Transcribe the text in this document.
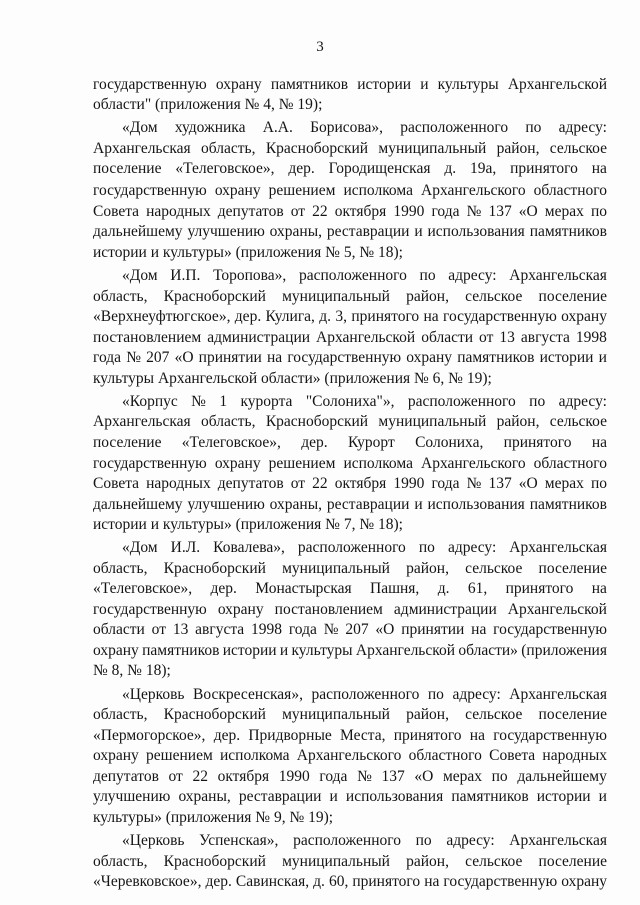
3
государственную охрану памятников истории и культуры Архангельской
области" (приложения № 4, № 19);
«Дом художника А.А. Борисова», расположенного по адресу:
Архангельская область, Красноборский муниципальный район, сельское
поселение «Телеговское», дер. Городищенская д. 19а, принятого на
государственную охрану решением исполкома Архангельского областного
Совета народных депутатов от 22 октября 1990 года № 137 «О мерах по
дальнейшему улучшению охраны, реставрации и использования памятников
истории и культуры» (приложения № 5, № 18);
«Дом И.П. Торопова», расположенного по адресу: Архангельская
область, Красноборский муниципальный район, сельское поселение
«Верхнеуфтюгское», дер. Кулига, д. 3, принятого на государственную охрану
постановлением администрации Архангельской области от 13 августа 1998
года № 207 «О принятии на государственную охрану памятников истории и
культуры Архангельской области» (приложения № 6, № 19);
«Корпус № 1 курорта "Солониха"», расположенного по адресу:
Архангельская область, Красноборский муниципальный район, сельское
поселение «Телеговское», дер. Курорт Солониха, принятого на
государственную охрану решением исполкома Архангельского областного
Совета народных депутатов от 22 октября 1990 года № 137 «О мерах по
дальнейшему улучшению охраны, реставрации и использования памятников
истории и культуры» (приложения № 7, № 18);
«Дом И.Л. Ковалева», расположенного по адресу: Архангельская
область, Красноборский муниципальный район, сельское поселение
«Телеговское», дер. Монастырская Пашня, д. 61, принятого на
государственную охрану постановлением администрации Архангельской
области от 13 августа 1998 года № 207 «О принятии на государственную
охрану памятников истории и культуры Архангельской области» (приложения
№ 8, № 18);
«Церковь Воскресенская», расположенного по адресу: Архангельская
область, Красноборский муниципальный район, сельское поселение
«Пермогорское», дер. Придворные Места, принятого на государственную
охрану решением исполкома Архангельского областного Совета народных
депутатов от 22 октября 1990 года № 137 «О мерах по дальнейшему
улучшению охраны, реставрации и использования памятников истории и
культуры» (приложения № 9, № 19);
«Церковь Успенская», расположенного по адресу: Архангельская
область, Красноборский муниципальный район, сельское поселение
«Черевковское», дер. Савинская, д. 60, принятого на государственную охрану
